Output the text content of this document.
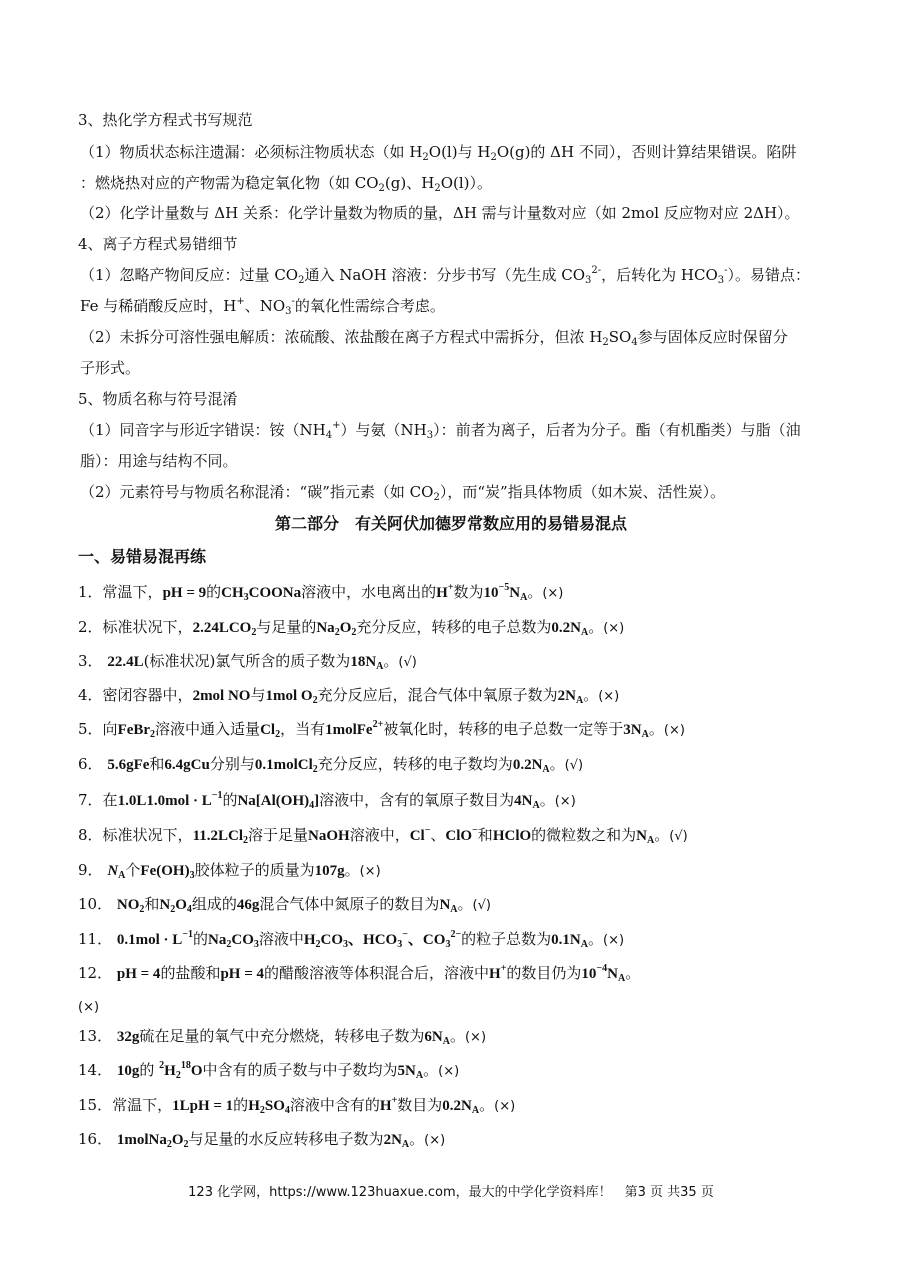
3、热化学方程式书写规范
（1）物质状态标注遗漏：必须标注物质状态（如 $H_2O(l)$与 $H_2O(g)$的 ΔH 不同），否则计算结果错误。陷阱
：燃烧热对应的产物需为稳定氧化物（如 $CO_2(g)$、$H_2O(l)$）。
（2）化学计量数与 ΔH 关系：化学计量数为物质的量，ΔH 需与计量数对应（如 2mol 反应物对应 2ΔH）。
4、离子方程式易错细节
（1）忽略产物间反应：过量 $CO_2$通入 NaOH 溶液：分步书写（先生成 $CO_3^{2-}$，后转化为 $HCO_3^-$）。易错点：
Fe 与稀硝酸反应时，H+、$NO_3^-$的氧化性需综合考虑。
（2）未拆分可溶性强电解质：浓硫酸、浓盐酸在离子方程式中需拆分，但浓 $H_2SO_4$参与固体反应时保留分
子形式。
5、物质名称与符号混淆
（1）同音字与形近字错误：铵$(NH_4^+)$与氨$(NH_3)$：前者为离子，后者为分子。酯（有机酯类）与脂（油
脂）：用途与结构不同。
（2）元素符号与物质名称混淆：“碳”指元素（如 $CO_2$），而“炭”指具体物质（如木炭、活性炭）。
第二部分　有关阿伏加德罗常数应用的易错易混点
一、易错易混再练
1．常温下，pH = 9的$CH_3COONa$溶液中，水电离出的H+数为$10^{-5}N_A$。(×)
2．标准状况下，$2.24LCO_2$与足量的$Na_2O_2$充分反应，转移的电子总数为$0.2N_A$。(×)
3． 22.4L(标准状况)氯气所含的质子数为$18N_A$。(√)
4．密闭容器中，2mol NO与1mol $O_2$充分反应后，混合气体中氧原子数为$2N_A$。(×)
5．向FeBr$_2$溶液中通入适量$Cl_2$，当有1molFe$^{2+}$被氧化时，转移的电子总数一定等于$3N_A$。(×)
6． 5.6gFe和6.4gCu分别与0.1molCl$_2$充分反应，转移的电子数均为$0.2N_A$。(√)
7．在$1.0L1.0mol \cdot L^{-1}$的$Na[Al(OH)_4]$溶液中，含有的氧原子数目为$4N_A$。(×)
8．标准状况下，11.2LCl$_2$溶于足量NaOH溶液中，Cl−、ClO−和HClO的微粒数之和为$N_A$。(√)
9． $N_A$个$Fe(OH)_3$胶体粒子的质量为107g。(×)
10． $NO_2$和$N_2O_4$组成的46g混合气体中氮原子的数目为$N_A$。(√)
11． $0.1mol \cdot L^{-1}$的$Na_2CO_3$溶液中$H_2CO_3$、$HCO_3^-$、$CO_3^{2-}$的粒子总数为$0.1N_A$。(×)
12． pH = 4的盐酸和pH = 4的醋酸溶液等体积混合后，溶液中H+的数目仍为$10^{-4}N_A$。
(×)
13． 32g硫在足量的氧气中充分燃烧，转移电子数为$6N_A$。(×)
14． 10g的 $^2H_2^{18}O$中含有的质子数与中子数均为$5N_A$。(×)
15．常温下，1LpH = 1的$H_2SO_4$溶液中含有的H+数目为$0.2N_A$。(×)
16． $1molNa_2O_2$与足量的水反应转移电子数为$2N_A$。(×)
123 化学网，https://www.123huaxue.com，最大的中学化学资料库！　第3 页 共35 页
